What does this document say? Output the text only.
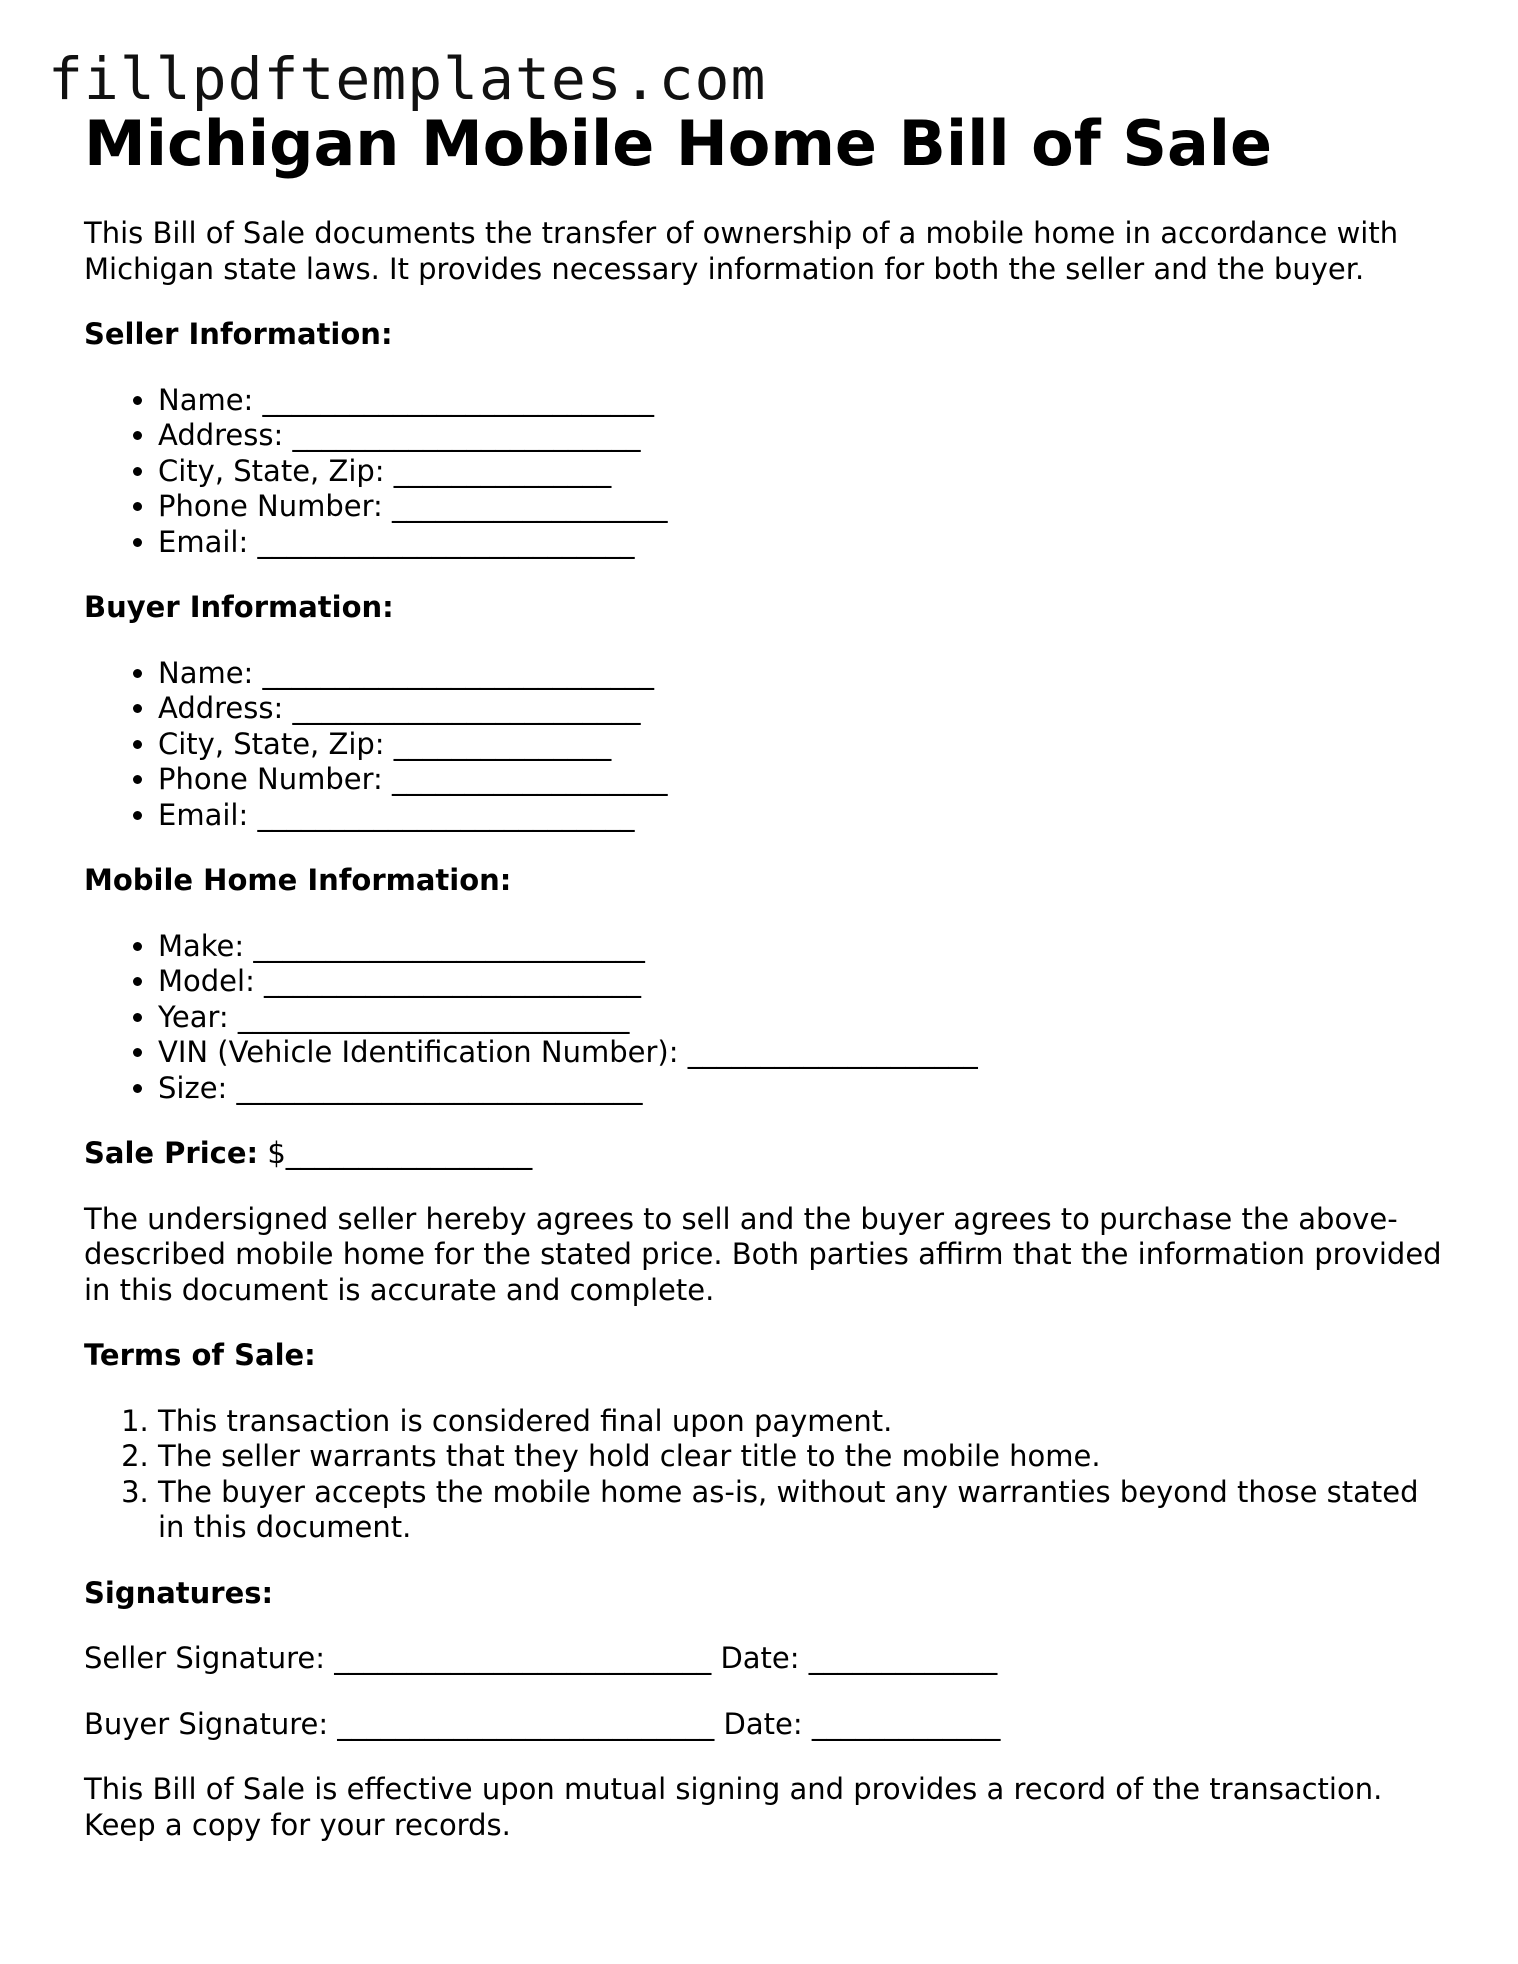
fillpdftemplates.com
Michigan Mobile Home Bill of Sale

This Bill of Sale documents the transfer of ownership of a mobile home in accordance with Michigan state laws. It provides necessary information for both the seller and the buyer.

Seller Information:
• Name: ___________________________
• Address: ________________________
• City, State, Zip: _______________
• Phone Number: ___________________
• Email: __________________________
Buyer Information:
• Name: ___________________________
• Address: ________________________
• City, State, Zip: _______________
• Phone Number: ___________________
• Email: __________________________
Mobile Home Information:
• Make: ___________________________
• Model: __________________________
• Year: ___________________________
• VIN (Vehicle Identification Number): ____________________
• Size: ____________________________

Sale Price: $_________________

The undersigned seller hereby agrees to sell and the buyer agrees to purchase the above-described mobile home for the stated price. Both parties affirm that the information provided in this document is accurate and complete.

Terms of Sale:
1. This transaction is considered final upon payment.
2. The seller warrants that they hold clear title to the mobile home.
3. The buyer accepts the mobile home as-is, without any warranties beyond those stated in this document.
Signatures:

Seller Signature: __________________________ Date: _____________

Buyer Signature: __________________________ Date: _____________

This Bill of Sale is effective upon mutual signing and provides a record of the transaction. Keep a copy for your records.
